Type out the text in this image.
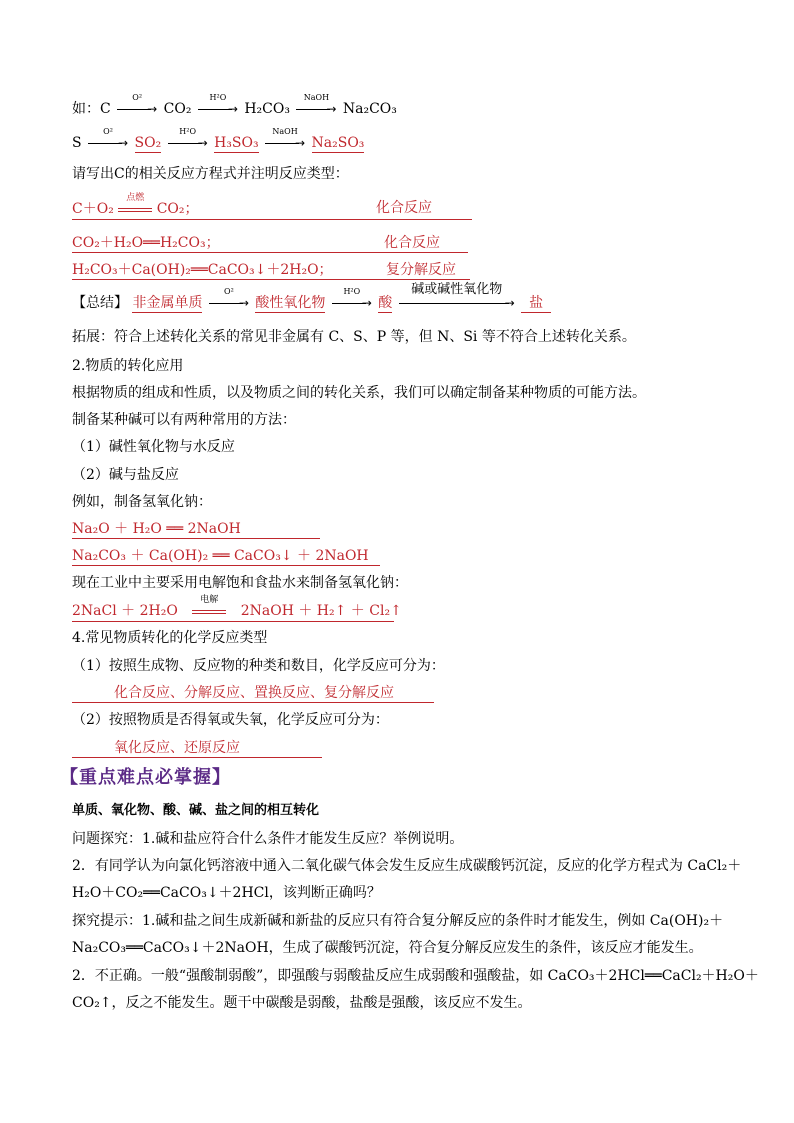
如：C
O²
→ CO₂
H²O
→ H₂CO₃
NaOH
→ Na₂CO₃
S
O²
→ SO₂
H²O
→ H₃SO₃
NaOH
→ Na₂SO₃
请写出C的相关反应方程式并注明反应类型：
C＋O₂
点燃
CO₂；	化合反应
CO₂＋H₂O══H₂CO₃；	化合反应
H₂CO₃＋Ca(OH)₂══CaCO₃↓＋2H₂O；	复分解反应
【总结】 非金属单质
O²
→ 酸性氧化物
H²O
→ 酸
碱或碱性氧化物
→ 盐
拓展：符合上述转化关系的常见非金属有 C、S、P 等，但 N、Si 等不符合上述转化关系。
2.物质的转化应用
根据物质的组成和性质，以及物质之间的转化关系，我们可以确定制备某种物质的可能方法。
制备某种碱可以有两种常用的方法：
（1）碱性氧化物与水反应
（2）碱与盐反应
例如，制备氢氧化钠：
Na₂O ＋ H₂O ══ 2NaOH
Na₂CO₃ ＋ Ca(OH)₂ ══ CaCO₃↓ ＋ 2NaOH
现在工业中主要采用电解饱和食盐水来制备氢氧化钠：
2NaCl ＋ 2H₂O
电解
2NaOH ＋ H₂↑ ＋ Cl₂↑
4.常见物质转化的化学反应类型
（1）按照生成物、反应物的种类和数目，化学反应可分为：
化合反应、分解反应、置换反应、复分解反应
（2）按照物质是否得氧或失氧，化学反应可分为：
氧化反应、还原反应
【重点难点必掌握】
单质、氧化物、酸、碱、盐之间的相互转化
问题探究：1.碱和盐应符合什么条件才能发生反应？举例说明。
2．有同学认为向氯化钙溶液中通入二氧化碳气体会发生反应生成碳酸钙沉淀，反应的化学方程式为 CaCl₂＋
H₂O＋CO₂══CaCO₃↓＋2HCl，该判断正确吗？
探究提示：1.碱和盐之间生成新碱和新盐的反应只有符合复分解反应的条件时才能发生，例如 Ca(OH)₂＋
Na₂CO₃══CaCO₃↓＋2NaOH，生成了碳酸钙沉淀，符合复分解反应发生的条件，该反应才能发生。
2．不正确。一般“强酸制弱酸”，即强酸与弱酸盐反应生成弱酸和强酸盐，如 CaCO₃＋2HCl══CaCl₂＋H₂O＋
CO₂↑，反之不能发生。题干中碳酸是弱酸，盐酸是强酸，该反应不发生。
